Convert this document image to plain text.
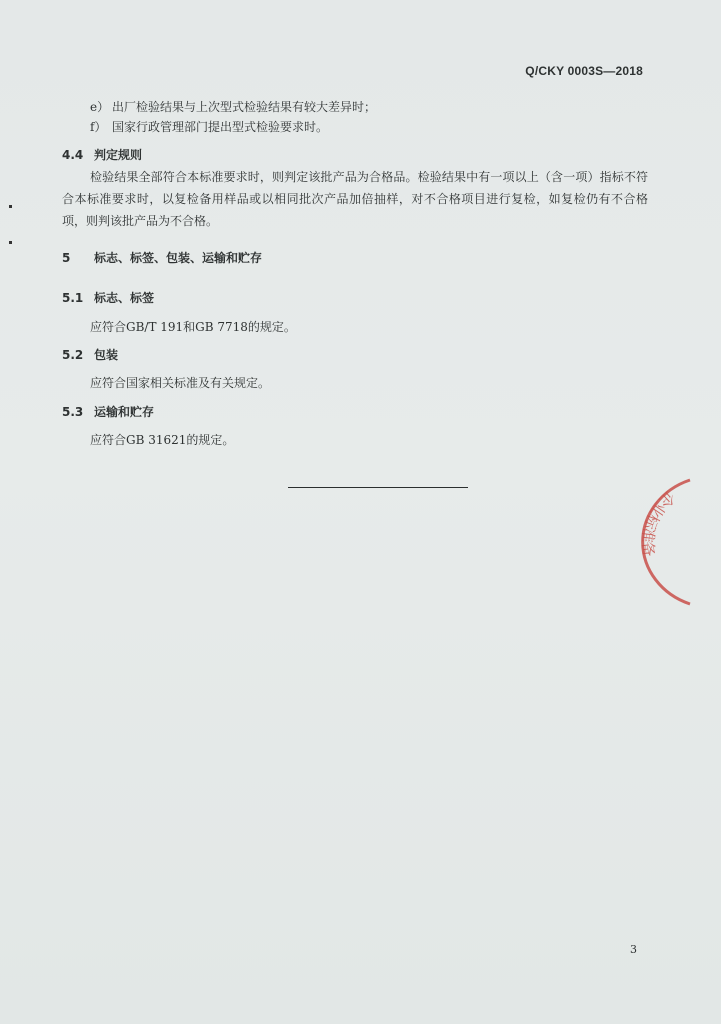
Q/CKY 0003S—2018
e） 出厂检验结果与上次型式检验结果有较大差异时；
f） 国家行政管理部门提出型式检验要求时。
4.4 判定规则
检验结果全部符合本标准要求时，则判定该批产品为合格品。检验结果中有一项以上（含一项）指标不符合本标准要求时，以复检备用样品或以相同批次产品加倍抽样，对不合格项目进行复检，如复检仍有不合格项，则判该批产品为不合格。
5 标志、标签、包装、运输和贮存
5.1 标志、标签
应符合GB/T 191和GB 7718的规定。
5.2 包装
应符合国家相关标准及有关规定。
5.3 运输和贮存
应符合GB 31621的规定。
企业标准备
3
